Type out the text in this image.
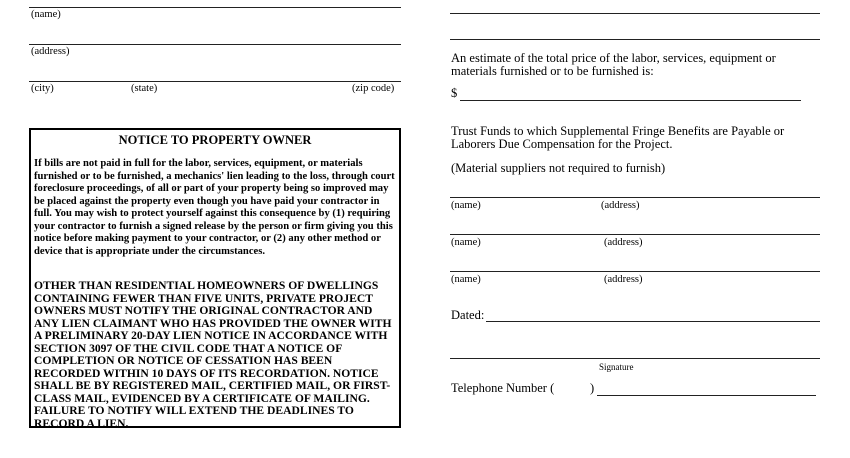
(name)
(address)
(city)	(state)	(zip code)
NOTICE TO PROPERTY OWNER
If bills are not paid in full for the labor, services, equipment, or materials furnished or to be furnished, a mechanics' lien leading to the loss, through court foreclosure proceedings, of all or part of your property being so improved may be placed against the property even though you have paid your contractor in full. You may wish to protect yourself against this consequence by (1) requiring your contractor to furnish a signed release by the person or firm giving you this notice before making payment to your contractor, or (2) any other method or device that is appropriate under the circumstances.
OTHER THAN RESIDENTIAL HOMEOWNERS OF DWELLINGS CONTAINING FEWER THAN FIVE UNITS, PRIVATE PROJECT OWNERS MUST NOTIFY THE ORIGINAL CONTRACTOR AND ANY LIEN CLAIMANT WHO HAS PROVIDED THE OWNER WITH A PRELIMINARY 20-DAY LIEN NOTICE IN ACCORDANCE WITH SECTION 3097 OF THE CIVIL CODE THAT A NOTICE OF COMPLETION OR NOTICE OF CESSATION HAS BEEN RECORDED WITHIN 10 DAYS OF ITS RECORDATION. NOTICE SHALL BE BY REGISTERED MAIL, CERTIFIED MAIL, OR FIRST-CLASS MAIL, EVIDENCED BY A CERTIFICATE OF MAILING. FAILURE TO NOTIFY WILL EXTEND THE DEADLINES TO RECORD A LIEN.
An estimate of the total price of the labor, services, equipment or
materials furnished or to be furnished is:
$
Trust Funds to which Supplemental Fringe Benefits are Payable or
Laborers Due Compensation for the Project.
(Material suppliers not required to furnish)
(name)	(address)
(name)	(address)
(name)	(address)
Dated:
Signature
Telephone Number (	)
